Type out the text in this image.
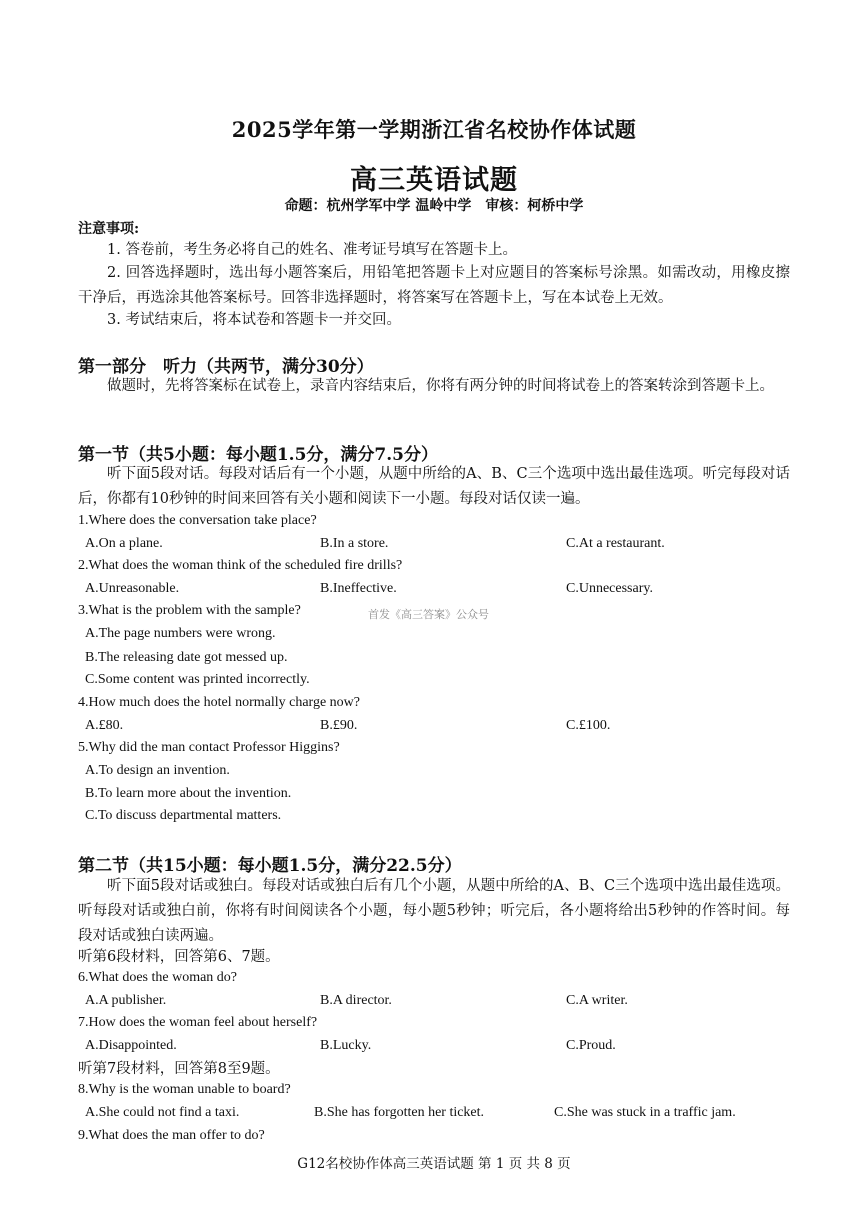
2025学年第一学期浙江省名校协作体试题
高三英语试题
命题：杭州学军中学 温岭中学　审核：柯桥中学
注意事项:
1. 答卷前，考生务必将自己的姓名、准考证号填写在答题卡上。
2. 回答选择题时，选出每小题答案后，用铅笔把答题卡上对应题目的答案标号涂黑。如需改动，用橡皮擦干净后，再选涂其他答案标号。回答非选择题时，将答案写在答题卡上，写在本试卷上无效。
3. 考试结束后，将本试卷和答题卡一并交回。
第一部分　听力（共两节，满分30分）
做题时，先将答案标在试卷上，录音内容结束后，你将有两分钟的时间将试卷上的答案转涂到答题卡上。
第一节（共5小题：每小题1.5分，满分7.5分）
听下面5段对话。每段对话后有一个小题，从题中所给的A、B、C三个选项中选出最佳选项。听完每段对话后，你都有10秒钟的时间来回答有关小题和阅读下一小题。每段对话仅读一遍。
1.Where does the conversation take place?
A.On a plane.	B.In a store.	C.At a restaurant.
2.What does the woman think of the scheduled fire drills?
A.Unreasonable.	B.Ineffective.	C.Unnecessary.
3.What is the problem with the sample?	首发《高三答案》公众号
A.The page numbers were wrong.
B.The releasing date got messed up.
C.Some content was printed incorrectly.
4.How much does the hotel normally charge now?
A.£80.	B.£90.	C.£100.
5.Why did the man contact Professor Higgins?
A.To design an invention.
B.To learn more about the invention.
C.To discuss departmental matters.
第二节（共15小题：每小题1.5分，满分22.5分）
听下面5段对话或独白。每段对话或独白后有几个小题，从题中所给的A、B、C三个选项中选出最佳选项。听每段对话或独白前，你将有时间阅读各个小题，每小题5秒钟；听完后，各小题将给出5秒钟的作答时间。每段对话或独白读两遍。
听第6段材料，回答第6、7题。
6.What does the woman do?
A.A publisher.	B.A director.	C.A writer.
7.How does the woman feel about herself?
A.Disappointed.	B.Lucky.	C.Proud.
听第7段材料，回答第8至9题。
8.Why is the woman unable to board?
A.She could not find a taxi.	B.She has forgotten her ticket.	C.She was stuck in a traffic jam.
9.What does the man offer to do?
G12名校协作体高三英语试题 第 1 页 共 8 页
